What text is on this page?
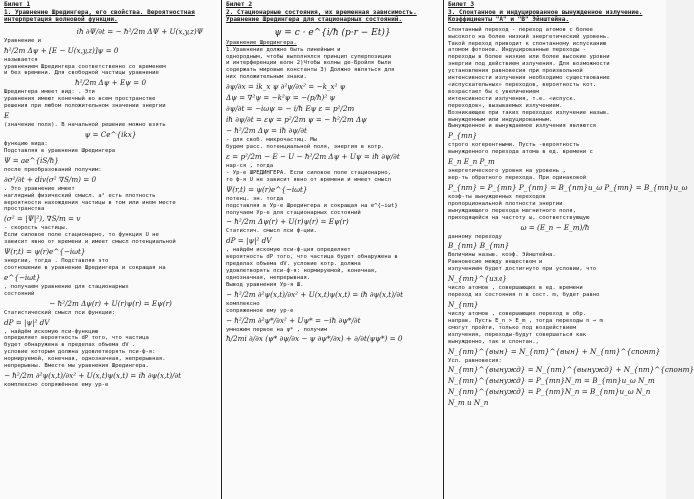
Билет 1
1. Уравнение Шредингера, его свойства. Вероятностная интерпретация волновой функции.
iħ ∂Ψ/∂t = − ħ²/2m ΔΨ + U(x,y,z)Ψ
Уравнение и
ħ²/2m Δψ + [E − U(x,y,z)]ψ = 0
называется
уравнением Шредингера соответственно со временем
и без времени. Для свободной частицы уравнение
ħ²/2m Δψ + Eψ = 0
Шредингера имеет вид: . Эти
уравнения имеют конечный во всем пространстве
решения при любом положительном значении энергии
E
(значение поля). В начальной решение можно взять
ψ = Ce^{ikx}
функцию вида:
Подставляя в уравнение Шредингера
Ψ = ae^{iS/ħ}
после преобразований получим:
∂σ²/∂t + div(σ² ∇S/m) = 0
. Это уравнение имеет
наглядный физический смысл. а² есть плотность
вероятности нахождения частицы в том или ином месте
пространства
(σ² = |Ψ|²), ∇S/m = v
- скорость частицы.
Если силовое поле стационарно, то функция U не
зависит явно от времени и имеет смысл потенциальной
Ψ(r,t) = ψ(r)e^{−iωt}
энергии, тогда . Подставляя это
соотношение в уравнение Шредингера и сокращая на
e^{−iωt}
, получаем уравнение для стационарных
состояний
− ħ²/2m Δψ(r) + U(r)ψ(r) = Eψ(r)
Статистический смысл пси функции:
dP = |ψ|² dV
, найдём искомую пси-функцию
определяет вероятность dP того, что частица
будет обнаружена в пределах объема dV .
условие которым должна удовлетворять пси-ф-я:
нормируемой, конечная, однозначная, непрерывная.
непрерывны. Вместе мы уравнения Шредингера.
− ħ²/2m ∂²ψ(x,t)/∂x² + U(x,t)ψ(x,t) = iħ ∂ψ(x,t)/∂t
комплексно сопряжённое ему ур-е
Билет 2
2. Стационарные состояния, их временная зависимость. Уравнение Шредингера для стационарных состояний.
ψ = c · e^{i/ħ (p·r − Et)}
Уравнение Шредингера.
1.Уравнение должно быть линейным и
однородным, чтобы выполнялся принцип суперпозиции
и интерференции волн 2)Чтобы волны де-Бройля были
содержать мировые константы 3) Должно являться для
них положительным знаки.
∂ψ/∂x = ik_x ψ ∂²ψ/∂x² = −k_x² ψ
Δψ = ∇²ψ = −k²ψ = −(p/ħ)² ψ
∂ψ/∂t = −iωψ = − i/ħ Eψ ε = p²/2m
iħ ∂ψ/∂t = εψ = p²/2m ψ = − ħ²/2m Δψ
− ħ²/2m Δψ = iħ ∂ψ/∂t
- для своб. микрочастиц. Мы
будем расс. потенциальной поля, энергия в котр.
ε = p²/2m − E − U − ħ²/2m Δψ + Uψ = iħ ∂ψ/∂t
нар-ся , тогда
- Ур-е ШРЕДИНГЕРА. Если силовое поле стационарно,
то ф-я U не зависит явно от времени и имеет смысл
Ψ(r,t) = ψ(r)e^{−iωt}
потенц. эн. тогда
подставляя в Ур-е Шредингера и сокращая на e^{−iωt}
получаем Ур-е для стационарных состояний
− ħ²/2m Δψ(r) + U(r)ψ(r) = Eψ(r)
Статистич. смысл пси ф-ции.
dP = |ψ|² dV
, найдём искомую пси-ф-ция определяет
вероятность dP того, что частица будет обнаружена в
пределах объема dV. условие котр. должна
удовлетворять пси-ф-я: нормируемой, конечная,
однозначная, непрерывная.
Вывод уравнения Ур-я Ш.
− ħ²/2m ∂²ψ(x,t)/∂x² + U(x,t)ψ(x,t) = iħ ∂ψ(x,t)/∂t
комплексно
сопряженное ему ур-е
− ħ²/2m ∂²ψ*/∂x² + Uψ* = −iħ ∂ψ*/∂t
умножим первое на ψ* , получим
ħ/2mi ∂/∂x (ψ* ∂ψ/∂x − ψ ∂ψ*/∂x) + ∂/∂t(ψψ*) = 0
Билет 3
3. Спонтанное и индуцированное вынужденное излучение. Коэффициенты "А" и "В" Эйнштейна.
Спонтанный переход - переход атомов с более
высокого на более низкий энергетический уровень.
Такой переход приводит к спонтанному испусканию
атомом фотонов. Индуцированные переходы -
переходы в более низкие или более высокие уровни
энергии под действием излучения. Для возможности
установления равновесия при произвольной
интенсивности излучения необходимо существование
«испускательных» переходов, вероятность кот.
возрастает бы с увеличением
интенсивности излучения, т.е. «испуск.
переходов», вызываемых излучением.
Возникающее при таких переходах излучение назыв.
вынужденным или индуцированным.
Вынужденное и вынуждаемое излучения являются
P_{mn}
строго когерентными. Пусть -вероятность
вынужденного перехода атома в ед. времени с
E_n E_n P_m
энергетического уровня на уровень ,
вер-ть обратного перехода. При одинаковой
P_{nm} = P_{mn} P_{nm} = B_{nm}u_ω P_{mn} = B_{mn}u_ω
коэф-ты вынужденных переходов
пропорциональной плотности энергии
вынуждающего перехода магнитного поля,
приходящейся на частоту ω, соответствующую
ω = (E_n − E_m)/ħ
данному переходу
B_{nm} B_{mn}
Величины назыв. коэф. Эйнштейна.
Равновесие между веществом и
излучением будет достигнуто при условии, что
N_{mn}^{изл}
число атомов , совершающих в ед. времени
переход из состояния n в сост. m, будет равно
N_{nm}
числу атомов , совершающих переход в обр.
направ. Пусть E_n > E_m , тогда переходы n → m
смогут пройти, только под воздействием
излучения, переходы-будут совершаться как
вынужденно, так и спонтан.,
N_{nm}^{вын} = N_{nm}^{вын} + N_{nm}^{спонт}
Усл. равновесия:
N_{mn}^{вынужд} = N_{nm}^{вынужд} + N_{nm}^{спонт}
N_{mn}^{вынужд} = P_{mn}N_m = B_{mn}u_ω N_m
N_{nm}^{вынужд} = P_{nm}N_n = B_{nm}u_ω N_n
N_m и N_n
